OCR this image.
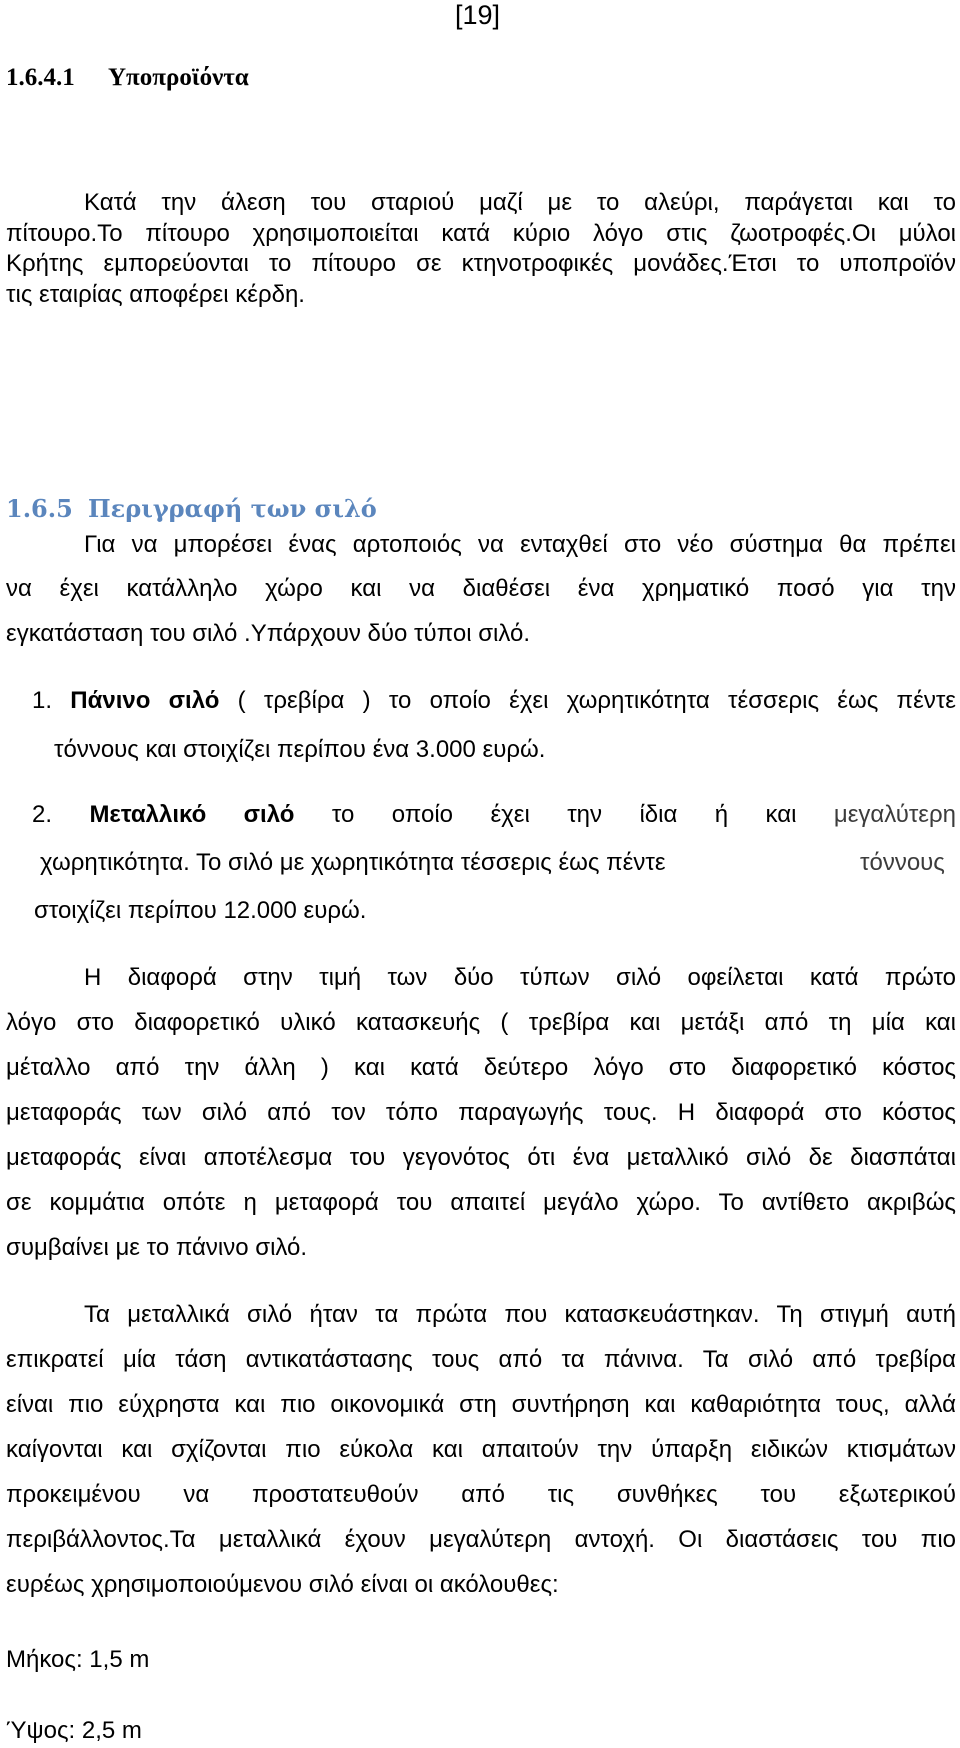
[19]
1.6.4.1 Υποπροϊόντα
Κατά την άλεση του σταριού μαζί με το αλεύρι, παράγεται και το
πίτουρο.Το πίτουρο χρησιμοποιείται κατά κύριο λόγο στις ζωοτροφές.Οι μύλοι
Κρήτης εμπορεύονται το πίτουρο σε κτηνοτροφικές μονάδες.Έτσι το υποπροϊόν
τις εταιρίας αποφέρει κέρδη.
1.6.5 Περιγραφή των σιλό
Για να μπορέσει ένας αρτοποιός να ενταχθεί στο νέο σύστημα θα πρέπει
να έχει κατάλληλο χώρο και να διαθέσει ένα χρηματικό ποσό για την
εγκατάσταση του σιλό .Υπάρχουν δύο τύποι σιλό.
1. Πάνινο σιλό ( τρεβίρα ) το οποίο έχει χωρητικότητα τέσσερις έως πέντε
τόννους και στοιχίζει περίπου ένα 3.000 ευρώ.
2. Μεταλλικό σιλό το οποίο έχει την ίδια ή και μεγαλύτερη
χωρητικότητα. Το σιλό με χωρητικότητα τέσσερις έως πέντε	τόννους
στοιχίζει περίπου 12.000 ευρώ.
Η διαφορά στην τιμή των δύο τύπων σιλό οφείλεται κατά πρώτο
λόγο στο διαφορετικό υλικό κατασκευής ( τρεβίρα και μετάξι από τη μία και
μέταλλο από την άλλη ) και κατά δεύτερο λόγο στο διαφορετικό κόστος
μεταφοράς των σιλό από τον τόπο παραγωγής τους. Η διαφορά στο κόστος
μεταφοράς είναι αποτέλεσμα του γεγονότος ότι ένα μεταλλικό σιλό δε διασπάται
σε κομμάτια οπότε η μεταφορά του απαιτεί μεγάλο χώρο. Το αντίθετο ακριβώς
συμβαίνει με το πάνινο σιλό.
Τα μεταλλικά σιλό ήταν τα πρώτα που κατασκευάστηκαν. Τη στιγμή αυτή
επικρατεί μία τάση αντικατάστασης τους από τα πάνινα. Τα σιλό από τρεβίρα
είναι πιο εύχρηστα και πιο οικονομικά στη συντήρηση και καθαριότητα τους, αλλά
καίγονται και σχίζονται πιο εύκολα και απαιτούν την ύπαρξη ειδικών κτισμάτων
προκειμένου να προστατευθούν από τις συνθήκες του εξωτερικού
περιβάλλοντος.Τα μεταλλικά έχουν μεγαλύτερη αντοχή. Οι διαστάσεις του πιο
ευρέως χρησιμοποιούμενου σιλό είναι οι ακόλουθες:
Μήκος: 1,5 m
Ύψος: 2,5 m
